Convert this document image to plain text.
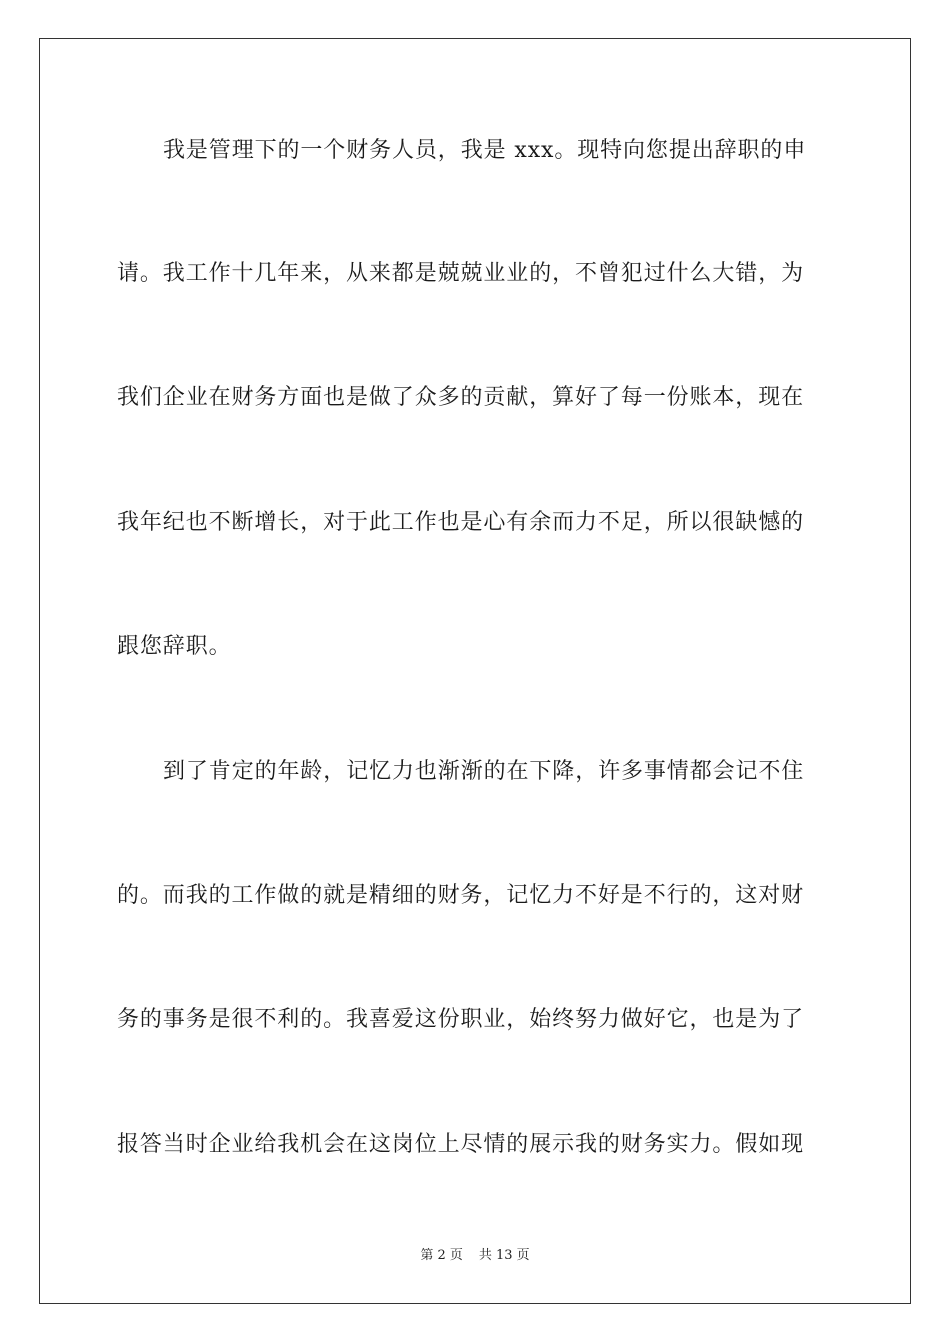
我是管理下的一个财务人员，我是 xxx。现特向您提出辞职的申
请。我工作十几年来，从来都是兢兢业业的，不曾犯过什么大错，为
我们企业在财务方面也是做了众多的贡献，算好了每一份账本，现在
我年纪也不断增长，对于此工作也是心有余而力不足，所以很缺憾的
跟您辞职。
到了肯定的年龄，记忆力也渐渐的在下降，许多事情都会记不住
的。而我的工作做的就是精细的财务，记忆力不好是不行的，这对财
务的事务是很不利的。我喜爱这份职业，始终努力做好它，也是为了
报答当时企业给我机会在这岗位上尽情的展示我的财务实力。假如现
第 2 页 共 13 页
